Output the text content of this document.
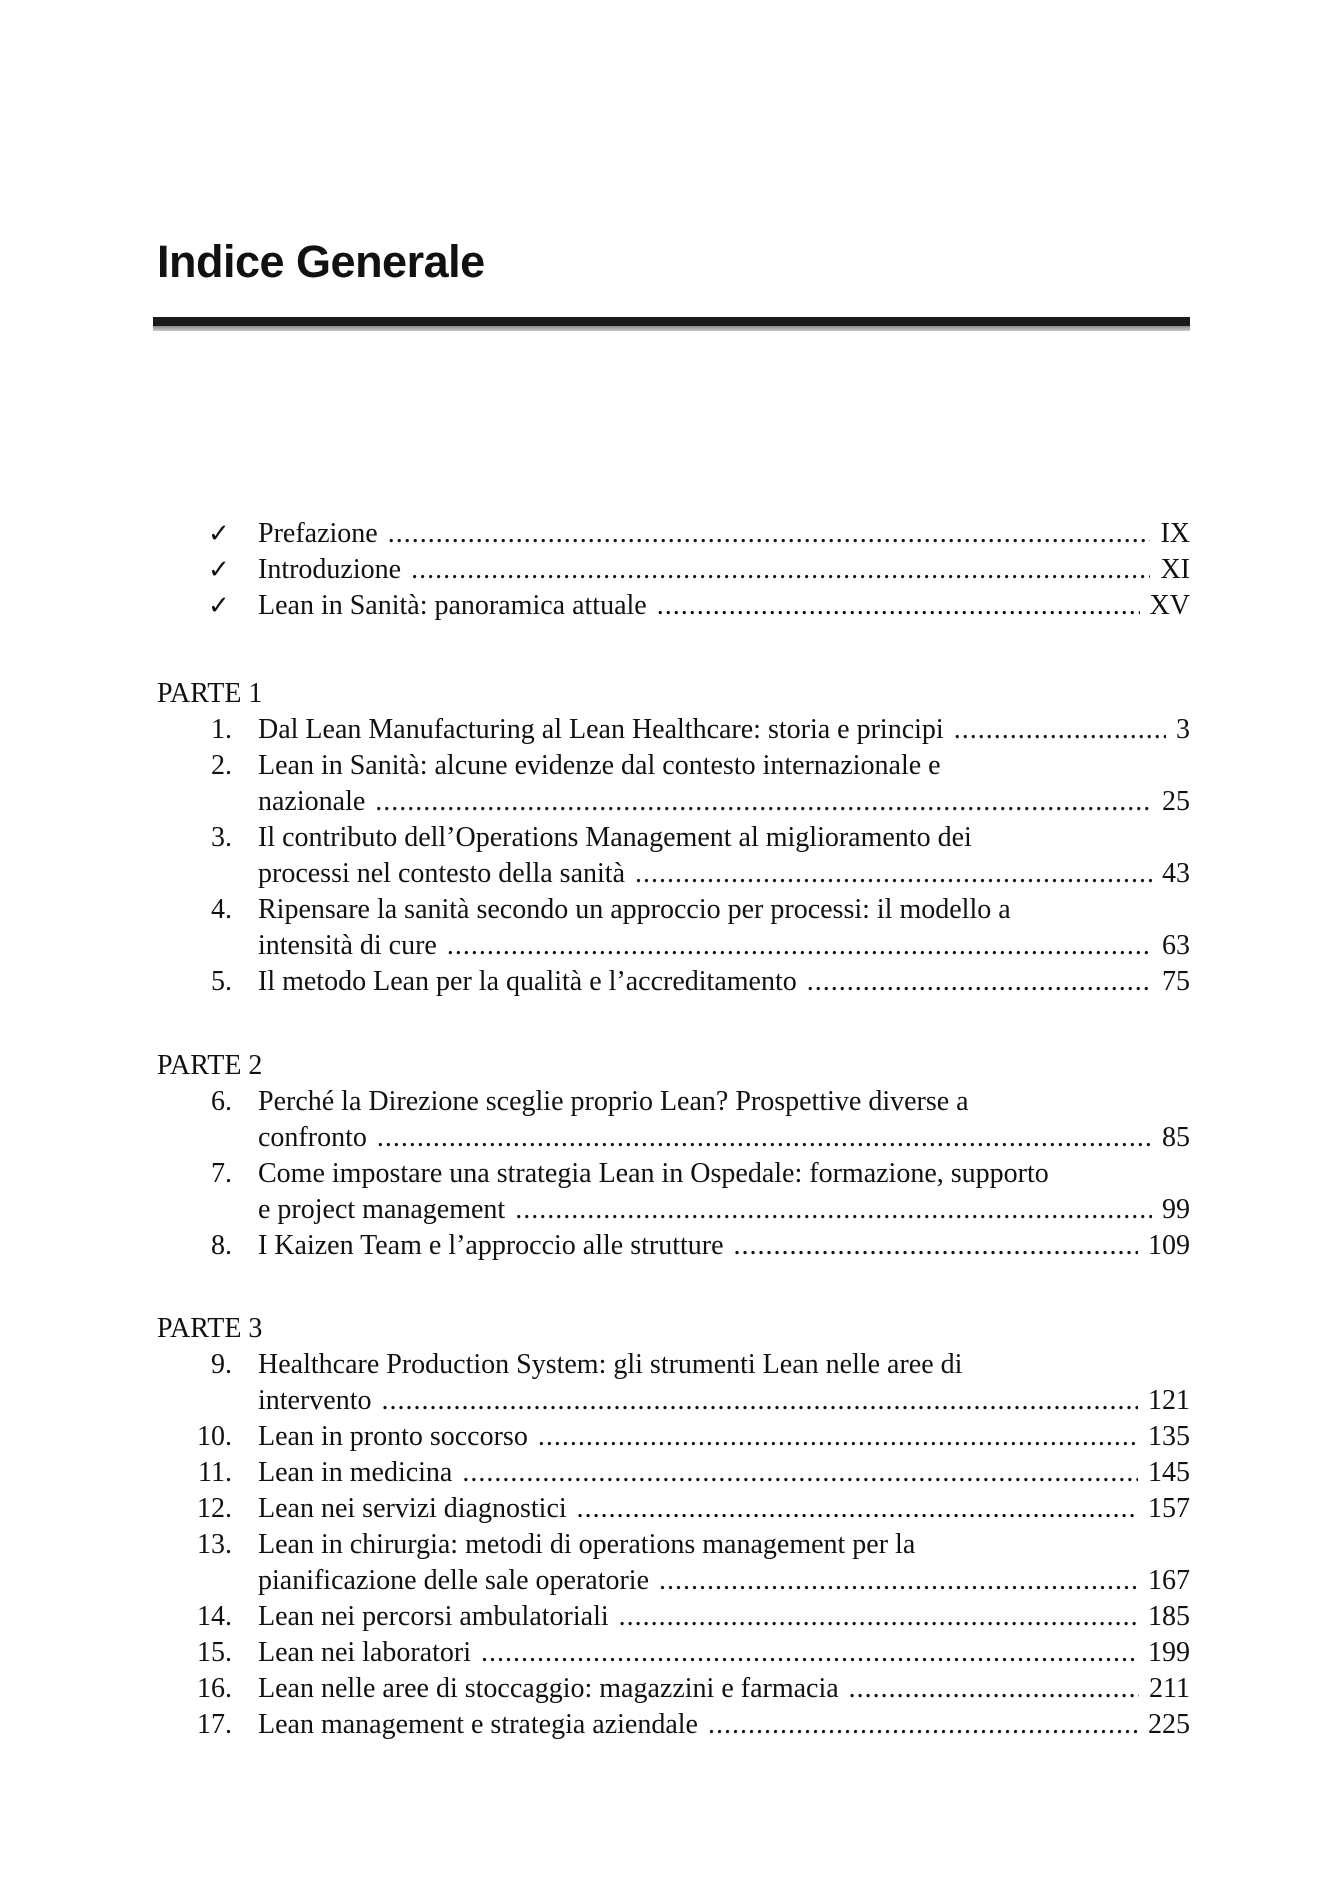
Indice Generale
✓ Prefazione .....	IX
✓ Introduzione .....	XI
✓ Lean in Sanità: panoramica attuale .....	XV
PARTE 1
1. Dal Lean Manufacturing al Lean Healthcare: storia e principi .....	3
2. Lean in Sanità: alcune evidenze dal contesto internazionale e
nazionale .....	25
3. Il contributo dell’Operations Management al miglioramento dei
processi nel contesto della sanità .....	43
4. Ripensare la sanità secondo un approccio per processi: il modello a
intensità di cure .....	63
5. Il metodo Lean per la qualità e l’accreditamento .....	75
PARTE 2
6. Perché la Direzione sceglie proprio Lean? Prospettive diverse a
confronto .....	85
7. Come impostare una strategia Lean in Ospedale: formazione, supporto
e project management .....	99
8. I Kaizen Team e l’approccio alle strutture .....	109
PARTE 3
9. Healthcare Production System: gli strumenti Lean nelle aree di
intervento .....	121
10. Lean in pronto soccorso .....	135
11. Lean in medicina .....	145
12. Lean nei servizi diagnostici .....	157
13. Lean in chirurgia: metodi di operations management per la
pianificazione delle sale operatorie .....	167
14. Lean nei percorsi ambulatoriali .....	185
15. Lean nei laboratori .....	199
16. Lean nelle aree di stoccaggio: magazzini e farmacia .....	211
17. Lean management e strategia aziendale .....	225
